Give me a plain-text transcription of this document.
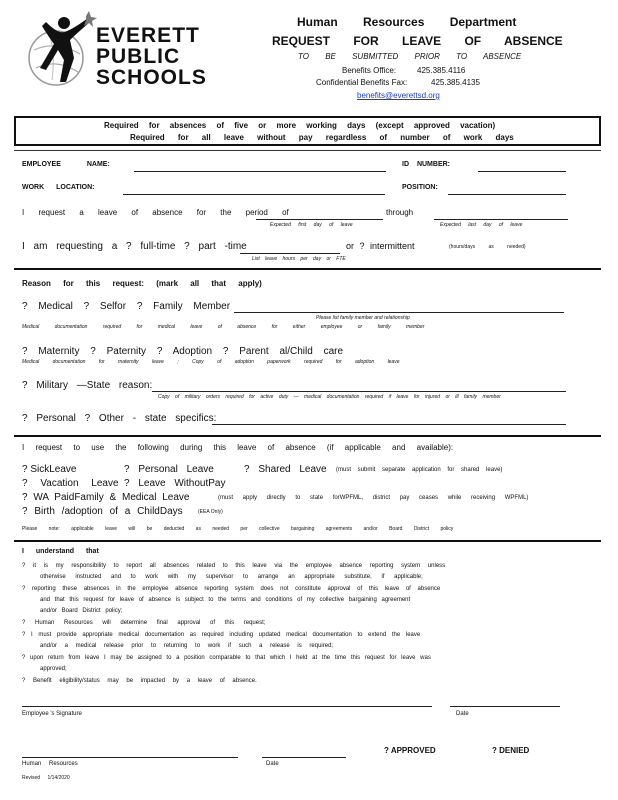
EVERETT
PUBLIC
SCHOOLS
Human Resources Department
REQUEST FOR LEAVE OF ABSENCE
TO BE SUBMITTED PRIOR TO ABSENCE
Benefits Office:	425.385.4116
Confidential Benefits Fax:	425.385.4135
benefits@everettsd.org
Required for absences of five or more working days (except approved vacation)
Required for all leave without pay regardless of number of work days
EMPLOYEE NAME:	ID NUMBER:
WORK LOCATION:	POSITION:
I request a leave of absence for the period of	through
Expected first day of leave	Expected last day of leave
I am requesting a ? full-time ? part -time	or ? intermittent	(hours/days as needed)
List leave hours per day or FTE
Reason for this request: (mark all that apply)
? Medical ? Selfor ? Family Member
Please list family member and relationship
Medical documentation required for medical leave of absence for either employee or family member
? Maternity ? Paternity ? Adoption ? Parent al/Child care
Medical documentation for maternity leave ; Copy of adoption paperwork required for adoption leave
? Military —State reason:
Copy of military orders required for active duty — medical documentation required if leave for injured or ill family member
? Personal ? Other - state specifics:
I request to use the following during this leave of absence (if applicable and available):
? SickLeave	? Personal Leave	? Shared Leave (must submit separate application for shared leave)
? Vacation Leave ? Leave WithoutPay
? WA PaidFamily & Medical Leave	(must apply directly to state forWPFML, district pay ceases while receiving WPFML)
? Birth /adoption of a ChildDays	(EEA Only)
Please note: applicable leave will be deducted as needed per collective bargaining agreements and/or Board District policy
I understand that
? it is my responsibility to report all absences related to this leave via the employee absence reporting system unless
otherwise instructed and to work with my supervisor to arrange an appropriate substitute, if applicable;
? reporting these absences in the employee absence reporting system does not constitute approval of this leave of absence
and that this request for leave of absence is subject to the terms and conditions of my collective bargaining agreement
and/or Board District policy;
? Human Resources will determine final approval of this request;
? I must provide appropriate medical documentation as required including updated medical documentation to extend the leave
and/or a medical release prior to returning to work if such a release is required;
? upon return from leave I may be assigned to a position comparable to that which I held at the time this request for leave was
approved;
? Benefit eligibility/status may be impacted by a leave of absence.
Employee 's Signature	Date
? APPROVED	? DENIED
Human Resources	Date
Revised 1/14/2020
